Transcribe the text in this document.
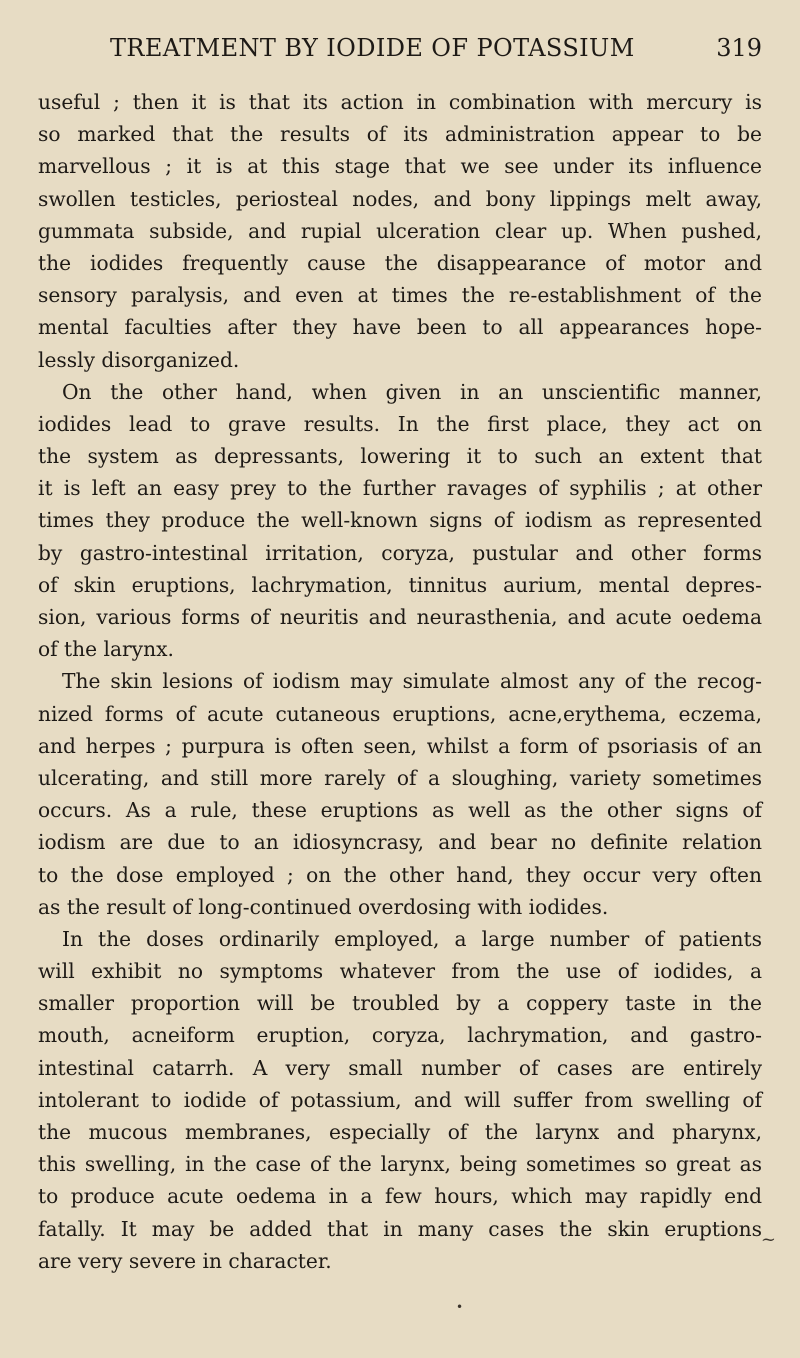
TREATMENT BY IODIDE OF POTASSIUM	319
useful ; then it is that its action in combination with mercury is
so marked that the results of its administration appear to be
marvellous ; it is at this stage that we see under its influence
swollen testicles, periosteal nodes, and bony lippings melt away,
gummata subside, and rupial ulceration clear up. When pushed,
the iodides frequently cause the disappearance of motor and
sensory paralysis, and even at times the re-establishment of the
mental faculties after they have been to all appearances hope-
lessly disorganized.
On the other hand, when given in an unscientific manner,
iodides lead to grave results. In the first place, they act on
the system as depressants, lowering it to such an extent that
it is left an easy prey to the further ravages of syphilis ; at other
times they produce the well-known signs of iodism as represented
by gastro-intestinal irritation, coryza, pustular and other forms
of skin eruptions, lachrymation, tinnitus aurium, mental depres-
sion, various forms of neuritis and neurasthenia, and acute oedema
of the larynx.
The skin lesions of iodism may simulate almost any of the recog-
nized forms of acute cutaneous eruptions, acne,erythema, eczema,
and herpes ; purpura is often seen, whilst a form of psoriasis of an
ulcerating, and still more rarely of a sloughing, variety sometimes
occurs. As a rule, these eruptions as well as the other signs of
iodism are due to an idiosyncrasy, and bear no definite relation
to the dose employed ; on the other hand, they occur very often
as the result of long-continued overdosing with iodides.
In the doses ordinarily employed, a large number of patients
will exhibit no symptoms whatever from the use of iodides, a
smaller proportion will be troubled by a coppery taste in the
mouth, acneiform eruption, coryza, lachrymation, and gastro-
intestinal catarrh. A very small number of cases are entirely
intolerant to iodide of potassium, and will suffer from swelling of
the mucous membranes, especially of the larynx and pharynx,
this swelling, in the case of the larynx, being sometimes so great as
to produce acute oedema in a few hours, which may rapidly end
fatally. It may be added that in many cases the skin eruptions
are very severe in character.
~
•
